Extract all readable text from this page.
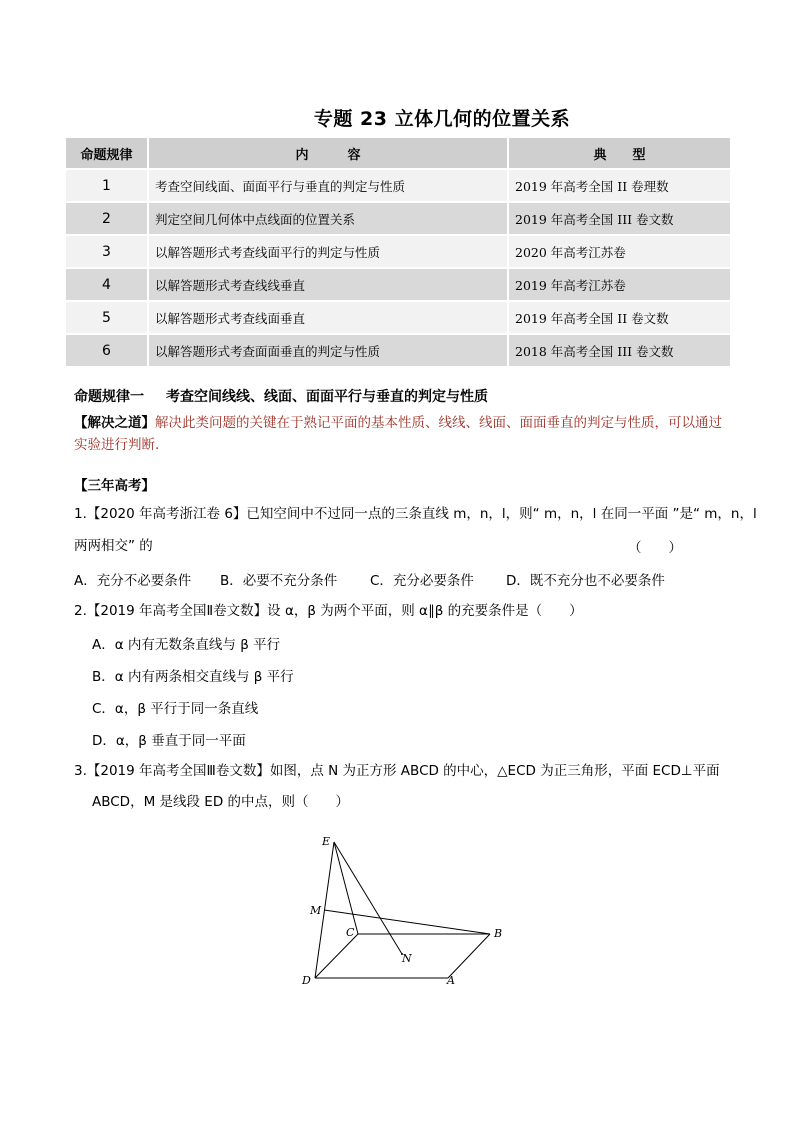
专题 23 立体几何的位置关系
命题规律	内　　　容	典　　型
1	考查空间线面、面面平行与垂直的判定与性质	2019 年高考全国 II 卷理数
2	判定空间几何体中点线面的位置关系	2019 年高考全国 III 卷文数
3	以解答题形式考查线面平行的判定与性质	2020 年高考江苏卷
4	以解答题形式考查线线垂直	2019 年高考江苏卷
5	以解答题形式考查线面垂直	2019 年高考全国 II 卷文数
6	以解答题形式考查面面垂直的判定与性质	2018 年高考全国 III 卷文数
命题规律一 考查空间线线、线面、面面平行与垂直的判定与性质
【解决之道】解决此类问题的关键在于熟记平面的基本性质、线线、线面、面面垂直的判定与性质，可以通过实验进行判断.
【三年高考】
1.【2020 年高考浙江卷 6】已知空间中不过同一点的三条直线 m，n，l，则“ m，n，l 在同一平面 ”是“ m，n，l
两两相交” 的	（　　）
A．充分不必要条件 B．必要不充分条件 C．充分必要条件 D．既不充分也不必要条件
2.【2019 年高考全国Ⅱ卷文数】设 α，β 为两个平面，则 α∥β 的充要条件是（　　）
A．α 内有无数条直线与 β 平行
B．α 内有两条相交直线与 β 平行
C．α，β 平行于同一条直线
D．α，β 垂直于同一平面
3.【2019 年高考全国Ⅲ卷文数】如图，点 N 为正方形 ABCD 的中心，△ECD 为正三角形，平面 ECD⊥平面
ABCD，M 是线段 ED 的中点，则（　　）
E
M
C	B
N
D	A
